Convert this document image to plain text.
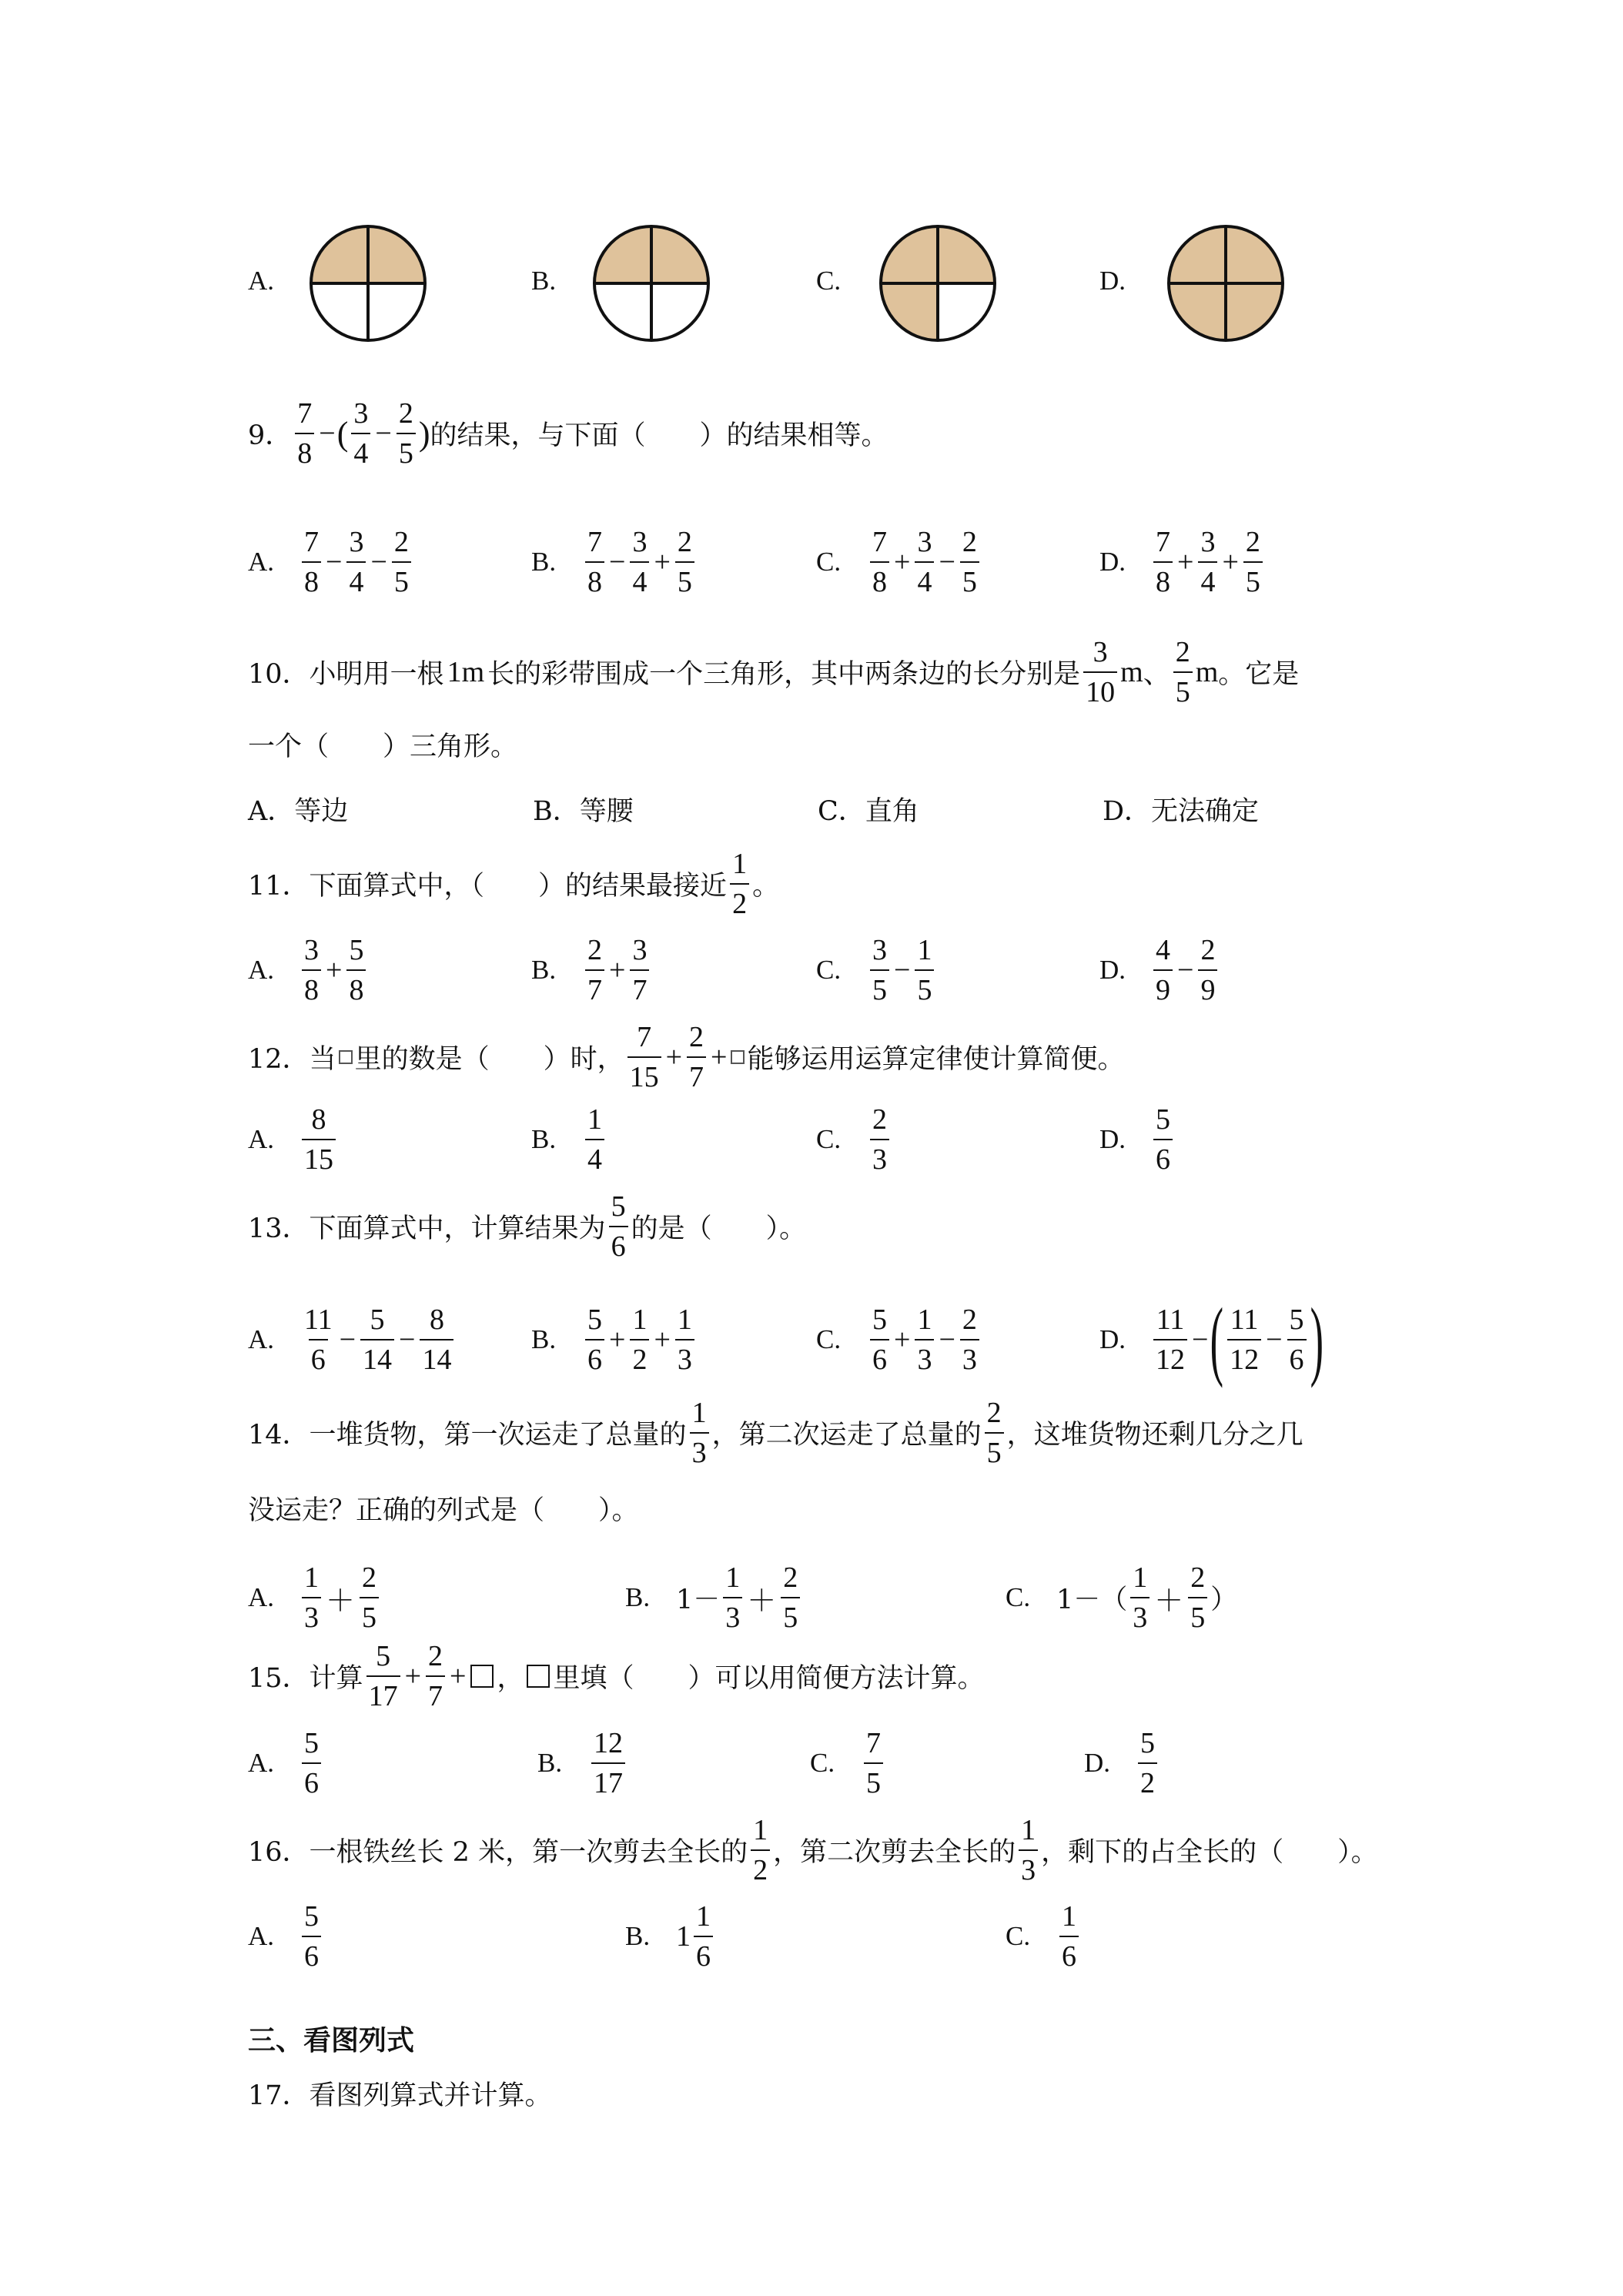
A.	B.	C.	D.
9．
7
8
− (
3
4
− $\frac{2}{5}$ ) 的结果，与下面（　　）的结果相等。
A.
7
8
− $\frac{3}{4} - \frac{2}{5}$	B.
7
8
− $\frac{3}{4} + \frac{2}{5}$	C.
7
8
+ $\frac{3}{4} - \frac{2}{5}$	D.
7
8
+ $\frac{3}{4} + \frac{2}{5}$
10． 小明用一根 1m 长的彩带围成一个三角形，其中两条边的长分别是
3
10
m 、
2
5
m 。它是
一个（　　）三角形。
A．等边	B．等腰	C．直角	D．无法确定
11． 下面算式中，（　　）的结果最接近
1
2
。
A.
3
8
+ $\frac{5}{8}$	B.
2
7
+ $\frac{3}{7}$	C.
3
5
− $\frac{1}{5}$	D.
4
9
− $\frac{2}{9}$
12． 当 里的数是（　　）时，
7
15
+ $\frac{2}{7}$ + 能够运用运算定律使计算简便。
A.
8
15
B.
1
4
C.
2
3
D.
5
6
13． 下面算式中，计算结果为
5
6
的是（　　）。
A.
11
6
− $\frac{5}{14} - \frac{8}{14}$	B.
5
6
+ $\frac{1}{2} + \frac{1}{3}$	C.
5
6
+ $\frac{1}{3} - \frac{2}{3}$	D.
11
12
− ( 11
12
− $\frac{5}{6}$ )
14． 一堆货物，第一次运走了总量的
1
3
，第二次运走了总量的
2
5
，这堆货物还剩几分之几
没运走？正确的列式是（　　）。
A.
1
3
＋
2
5
B. 1－
1
3
＋
2
5
C. 1－（
1
3
＋
2
5
）
15． 计算
5
17
+ $\frac{2}{7}$ + ， 里填（　　）可以用简便方法计算。
A.
5
6
B.
12
17
C.
7
5
D.
5
2
16． 一根铁丝长 2 米，第一次剪去全长的
1
2
，第二次剪去全长的
1
3
，剩下的占全长的（　　）。
A.
5
6
B. 1
1
6
C.
1
6
三、看图列式
17． 看图列算式并计算。
